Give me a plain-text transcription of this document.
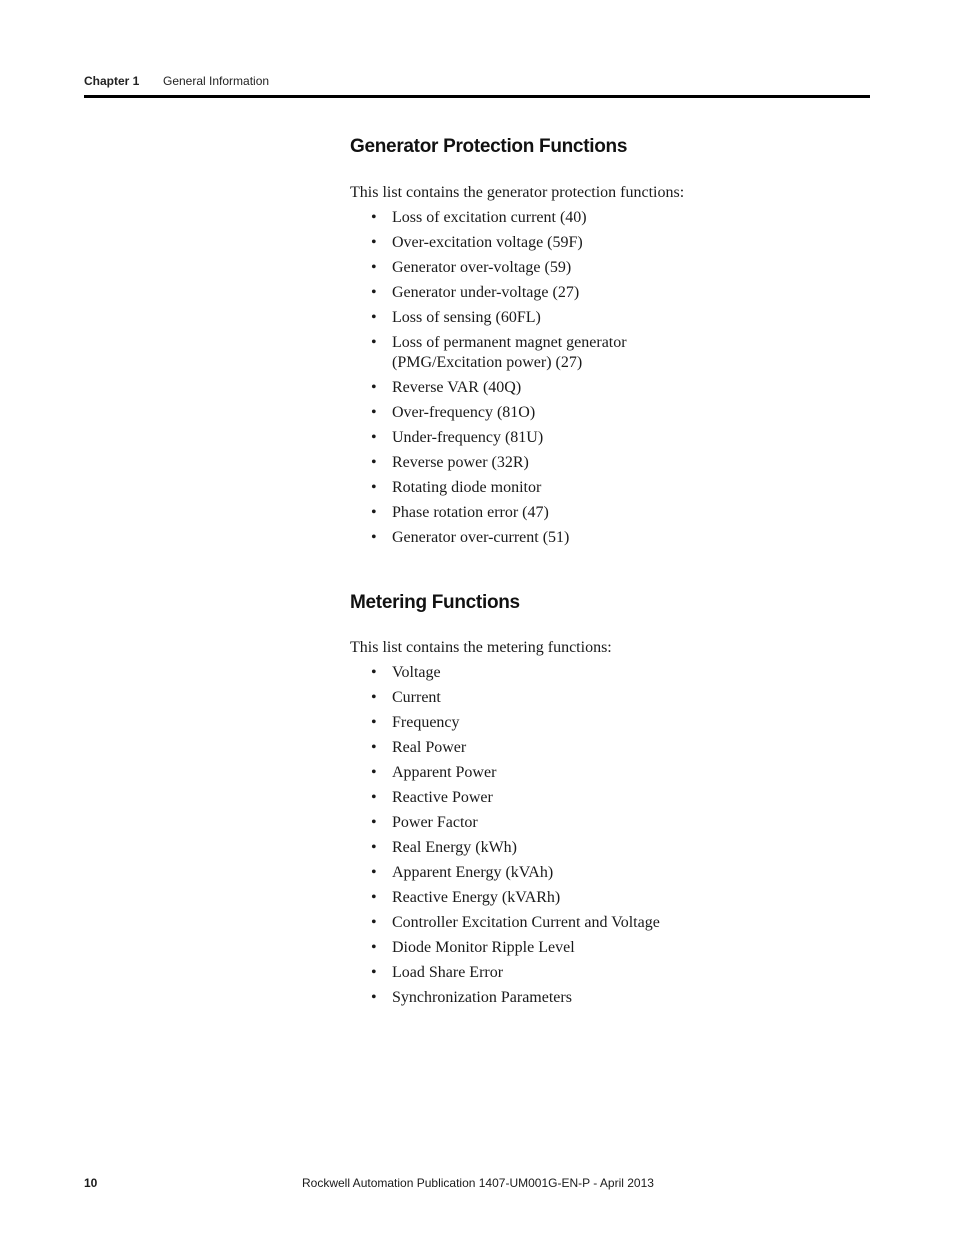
Chapter 1 General Information
Generator Protection Functions

This list contains the generator protection functions:

• Loss of excitation current (40)
• Over-excitation voltage (59F)
• Generator over-voltage (59)
• Generator under-voltage (27)
• Loss of sensing (60FL)
• Loss of permanent magnet generator (PMG/Excitation power) (27)
• Reverse VAR (40Q)
• Over-frequency (81O)
• Under-frequency (81U)
• Reverse power (32R)
• Rotating diode monitor
• Phase rotation error (47)
• Generator over-current (51)
Metering Functions

This list contains the metering functions:

• Voltage
• Current
• Frequency
• Real Power
• Apparent Power
• Reactive Power
• Power Factor
• Real Energy (kWh)
• Apparent Energy (kVAh)
• Reactive Energy (kVARh)
• Controller Excitation Current and Voltage
• Diode Monitor Ripple Level
• Load Share Error
• Synchronization Parameters
10	Rockwell Automation Publication 1407-UM001G-EN-P - April 2013
